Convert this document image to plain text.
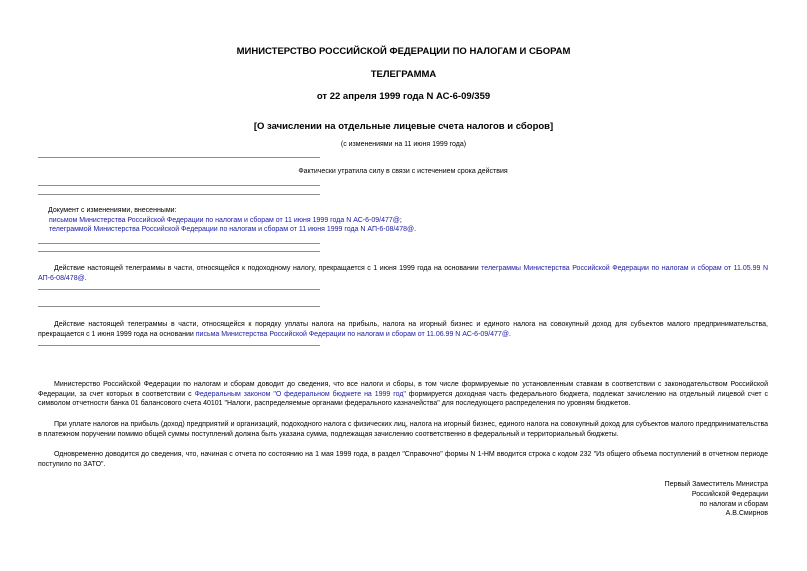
МИНИСТЕРСТВО РОССИЙСКОЙ ФЕДЕРАЦИИ ПО НАЛОГАМ И СБОРАМ
ТЕЛЕГРАММА
от 22 апреля 1999 года N АС-6-09/359
[О зачислении на отдельные лицевые счета налогов и сборов]
(с изменениями на 11 июня 1999 года)
Фактически утратила силу в связи с истечением срока действия
Документ с изменениями, внесенными:
письмом Министерства Российской Федерации по налогам и сборам от 11 июня 1999 года N АС-6-09/477@;
телеграммой Министерства Российской Федерации по налогам и сборам от 11 июня 1999 года N АП-6-08/478@.
Действие настоящей телеграммы в части, относящейся к подоходному налогу, прекращается с 1 июня 1999 года на основании телеграммы Министерства Российской Федерации по налогам и сборам от 11.05.99 N АП-6-08/478@.
Действие настоящей телеграммы в части, относящейся к порядку уплаты налога на прибыль, налога на игорный бизнес и единого налога на совокупный доход для субъектов малого предпринимательства, прекращается с 1 июня 1999 года на основании письма Министерства Российской Федерации по налогам и сборам от 11.06.99 N АС-6-09/477@.
Министерство Российской Федерации по налогам и сборам доводит до сведения, что все налоги и сборы, в том числе формируемые по установленным ставкам в соответствии с законодательством Российской Федерации, за счет которых в соответствии с Федеральным законом "О федеральном бюджете на 1999 год" формируется доходная часть федерального бюджета, подлежат зачислению на отдельный лицевой счет с символом отчетности банка 01 балансового счета 40101 "Налоги, распределяемые органами федерального казначейства" для последующего распределения по уровням бюджетов.
При уплате налогов на прибыль (доход) предприятий и организаций, подоходного налога с физических лиц, налога на игорный бизнес, единого налога на совокупный доход для субъектов малого предпринимательства в платежном поручении помимо общей суммы поступлений должна быть указана сумма, подлежащая зачислению соответственно в федеральный и территориальный бюджеты.
Одновременно доводится до сведения, что, начиная с отчета по состоянию на 1 мая 1999 года, в раздел "Справочно" формы N 1-НМ вводится строка с кодом 232 "Из общего объема поступлений в отчетном периоде поступило по ЗАТО".
Первый Заместитель Министра
Российской Федерации
по налогам и сборам
А.В.Смирнов
